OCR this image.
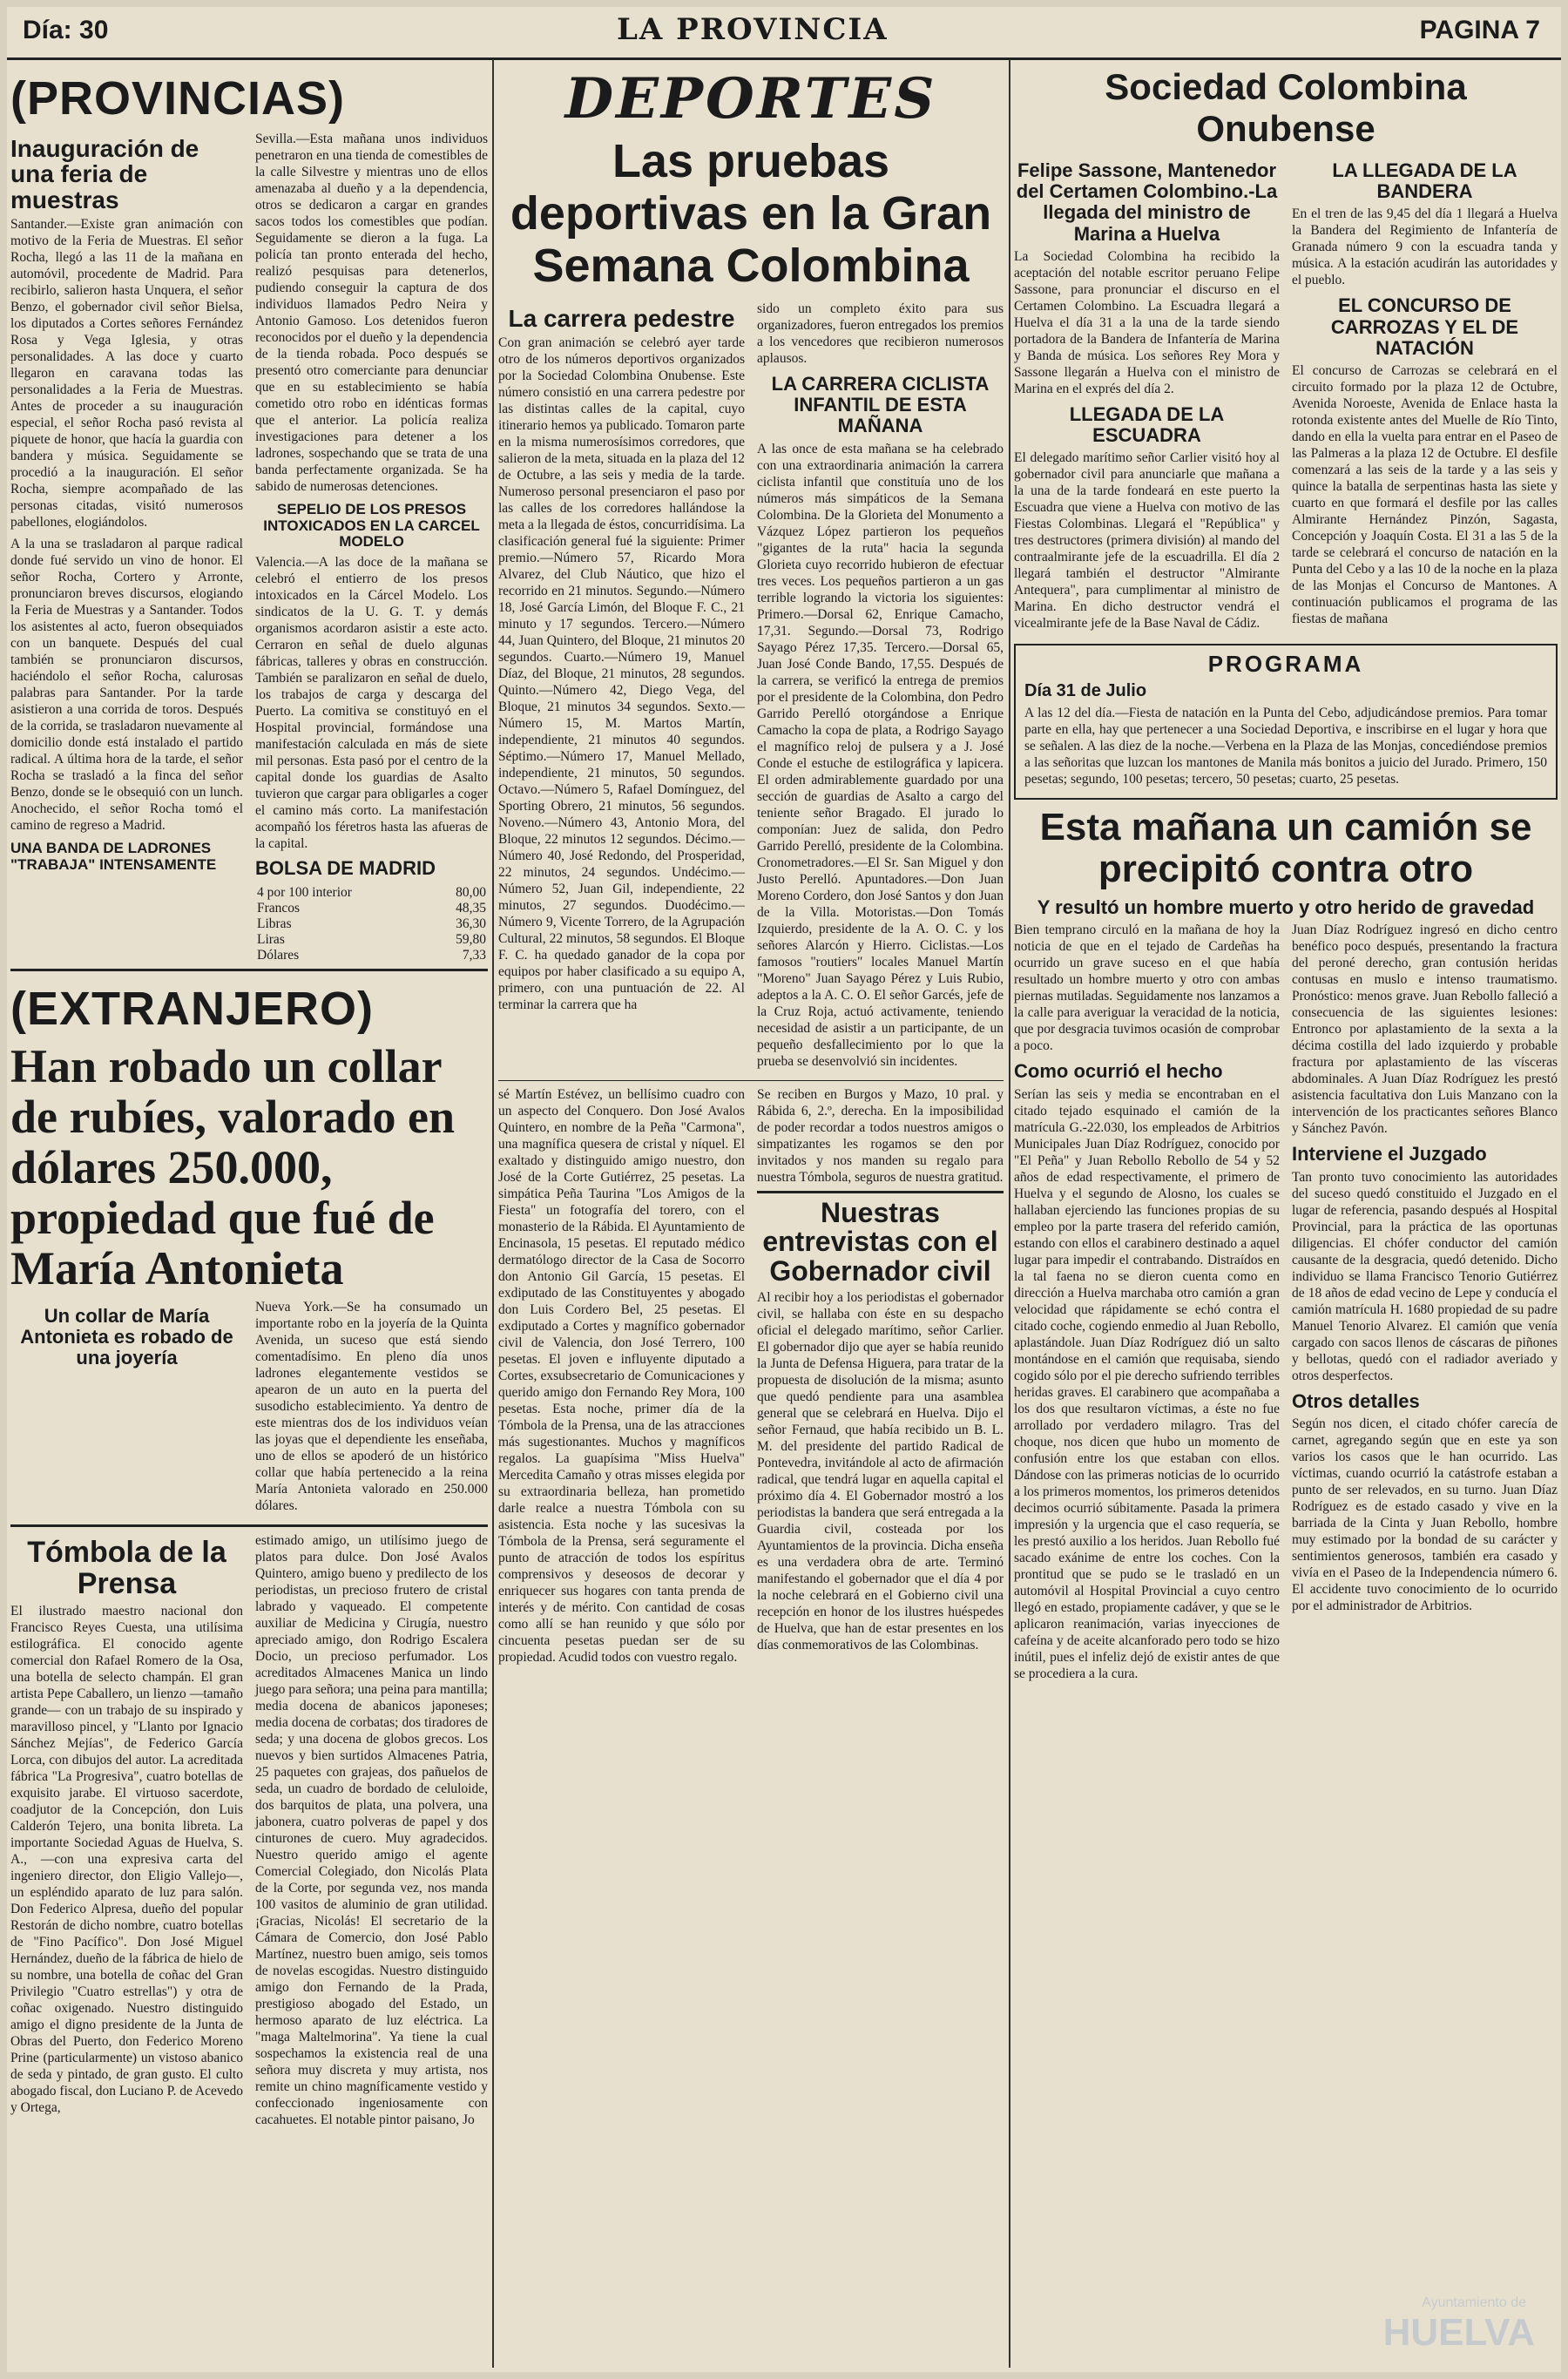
Día: 30	LA PROVINCIA	PAGINA 7
(PROVINCIAS)
Inauguración de una feria de muestras

Santander.—Existe gran animación con motivo de la Feria de Muestras. El señor Rocha, llegó a las 11 de la mañana en automóvil, procedente de Madrid. Para recibirlo, salieron hasta Unquera, el señor Benzo, el gobernador civil señor Bielsa, los diputados a Cortes señores Fernández Rosa y Vega Iglesia, y otras personalidades. A las doce y cuarto llegaron en caravana todas las personalidades a la Feria de Muestras. Antes de proceder a su inauguración especial, el señor Rocha pasó revista al piquete de honor, que hacía la guardia con bandera y música. Seguidamente se procedió a la inauguración. El señor Rocha, siempre acompañado de las personas citadas, visitó numerosos pabellones, elogiándolos.

A la una se trasladaron al parque radical donde fué servido un vino de honor. El señor Rocha, Cortero y Arronte, pronunciaron breves discursos, elogiando la Feria de Muestras y a Santander. Todos los asistentes al acto, fueron obsequiados con un banquete. Después del cual también se pronunciaron discursos, haciéndolo el señor Rocha, calurosas palabras para Santander. Por la tarde asistieron a una corrida de toros. Después de la corrida, se trasladaron nuevamente al domicilio donde está instalado el partido radical. A última hora de la tarde, el señor Rocha se trasladó a la finca del señor Benzo, donde se le obsequió con un lunch. Anochecido, el señor Rocha tomó el camino de regreso a Madrid.

UNA BANDA DE LADRONES "TRABAJA" INTENSAMENTE

Sevilla.—Esta mañana unos individuos penetraron en una tienda de comestibles de la calle Silvestre y mientras uno de ellos amenazaba al dueño y a la dependencia, otros se dedicaron a cargar en grandes sacos todos los comestibles que podían. Seguidamente se dieron a la fuga. La policía tan pronto enterada del hecho, realizó pesquisas para detenerlos, pudiendo conseguir la captura de dos individuos llamados Pedro Neira y Antonio Gamoso. Los detenidos fueron reconocidos por el dueño y la dependencia de la tienda robada. Poco después se presentó otro comerciante para denunciar que en su establecimiento se había cometido otro robo en idénticas formas que el anterior. La policía realiza investigaciones para detener a los ladrones, sospechando que se trata de una banda perfectamente organizada. Se ha sabido de numerosas detenciones.

SEPELIO DE LOS PRESOS INTOXICADOS EN LA CARCEL MODELO

Valencia.—A las doce de la mañana se celebró el entierro de los presos intoxicados en la Cárcel Modelo. Los sindicatos de la U. G. T. y demás organismos acordaron asistir a este acto. Cerraron en señal de duelo algunas fábricas, talleres y obras en construcción. También se paralizaron en señal de duelo, los trabajos de carga y descarga del Puerto. La comitiva se constituyó en el Hospital provincial, formándose una manifestación calculada en más de siete mil personas. Esta pasó por el centro de la capital donde los guardias de Asalto tuvieron que cargar para obligarles a coger el camino más corto. La manifestación acompañó los féretros hasta las afueras de la capital.

BOLSA DE MADRID
4 por 100 interior	80,00
Francos	48,35
Libras	36,30
Liras	59,80
Dólares	7,33
(EXTRANJERO)
Han robado un collar de rubíes, valorado en dólares 250.000, propiedad que fué de María Antonieta
Un collar de María Antonieta es robado de una joyería

Nueva York.—Se ha consumado un importante robo en la joyería de la Quinta Avenida, un suceso que está siendo comentadísimo. En pleno día unos ladrones elegantemente vestidos se apearon de un auto en la puerta del susodicho establecimiento. Ya dentro de este mientras dos de los individuos veían las joyas que el dependiente les enseñaba, uno de ellos se apoderó de un histórico collar que había pertenecido a la reina María Antonieta valorado en 250.000 dólares.

Tómbola de la Prensa

El ilustrado maestro nacional don Francisco Reyes Cuesta, una utilísima estilográfica. El conocido agente comercial don Rafael Romero de la Osa, una botella de selecto champán. El gran artista Pepe Caballero, un lienzo —tamaño grande— con un trabajo de su inspirado y maravilloso pincel, y "Llanto por Ignacio Sánchez Mejías", de Federico García Lorca, con dibujos del autor. La acreditada fábrica "La Progresiva", cuatro botellas de exquisito jarabe. El virtuoso sacerdote, coadjutor de la Concepción, don Luis Calderón Tejero, una bonita libreta. La importante Sociedad Aguas de Huelva, S. A., —con una expresiva carta del ingeniero director, don Eligio Vallejo—, un espléndido aparato de luz para salón. Don Federico Alpresa, dueño del popular Restorán de dicho nombre, cuatro botellas de "Fino Pacífico". Don José Miguel Hernández, dueño de la fábrica de hielo de su nombre, una botella de coñac del Gran Privilegio "Cuatro estrellas") y otra de coñac oxigenado. Nuestro distinguido amigo el digno presidente de la Junta de Obras del Puerto, don Federico Moreno Prine (particularmente) un vistoso abanico de seda y pintado, de gran gusto. El culto abogado fiscal, don Luciano P. de Acevedo y Ortega,

estimado amigo, un utilísimo juego de platos para dulce. Don José Avalos Quintero, amigo bueno y predilecto de los periodistas, un precioso frutero de cristal labrado y vaqueado. El competente auxiliar de Medicina y Cirugía, nuestro apreciado amigo, don Rodrigo Escalera Docio, un precioso perfumador. Los acreditados Almacenes Manica un lindo juego para señora; una peina para mantilla; media docena de abanicos japoneses; media docena de corbatas; dos tiradores de seda; y una docena de globos grecos. Los nuevos y bien surtidos Almacenes Patria, 25 paquetes con grajeas, dos pañuelos de seda, un cuadro de bordado de celuloide, dos barquitos de plata, una polvera, una jabonera, cuatro polveras de papel y dos cinturones de cuero. Muy agradecidos. Nuestro querido amigo el agente Comercial Colegiado, don Nicolás Plata de la Corte, por segunda vez, nos manda 100 vasitos de aluminio de gran utilidad. ¡Gracias, Nicolás! El secretario de la Cámara de Comercio, don José Pablo Martínez, nuestro buen amigo, seis tomos de novelas escogidas. Nuestro distinguido amigo don Fernando de la Prada, prestigioso abogado del Estado, un hermoso aparato de luz eléctrica. La "maga Maltelmorina". Ya tiene la cual sospechamos la existencia real de una señora muy discreta y muy artista, nos remite un chino magníficamente vestido y confeccionado ingeniosamente con cacahuetes. El notable pintor paisano, Jo

DEPORTES
Las pruebas deportivas en la Gran Semana Colombina
La carrera pedestre

Con gran animación se celebró ayer tarde otro de los números deportivos organizados por la Sociedad Colombina Onubense. Este número consistió en una carrera pedestre por las distintas calles de la capital, cuyo itinerario hemos ya publicado. Tomaron parte en la misma numerosísimos corredores, que salieron de la meta, situada en la plaza del 12 de Octubre, a las seis y media de la tarde. Numeroso personal presenciaron el paso por las calles de los corredores hallándose la meta a la llegada de éstos, concurridísima. La clasificación general fué la siguiente: Primer premio.—Número 57, Ricardo Mora Alvarez, del Club Náutico, que hizo el recorrido en 21 minutos. Segundo.—Número 18, José García Limón, del Bloque F. C., 21 minuto y 17 segundos. Tercero.—Número 44, Juan Quintero, del Bloque, 21 minutos 20 segundos. Cuarto.—Número 19, Manuel Díaz, del Bloque, 21 minutos, 28 segundos. Quinto.—Número 42, Diego Vega, del Bloque, 21 minutos 34 segundos. Sexto.—Número 15, M. Martos Martín, independiente, 21 minutos 40 segundos. Séptimo.—Número 17, Manuel Mellado, independiente, 21 minutos, 50 segundos. Octavo.—Número 5, Rafael Domínguez, del Sporting Obrero, 21 minutos, 56 segundos. Noveno.—Número 43, Antonio Mora, del Bloque, 22 minutos 12 segundos. Décimo.—Número 40, José Redondo, del Prosperidad, 22 minutos, 24 segundos. Undécimo.—Número 52, Juan Gil, independiente, 22 minutos, 27 segundos. Duodécimo.—Número 9, Vicente Torrero, de la Agrupación Cultural, 22 minutos, 58 segundos. El Bloque F. C. ha quedado ganador de la copa por equipos por haber clasificado a su equipo A, primero, con una puntuación de 22. Al terminar la carrera que ha

sido un completo éxito para sus organizadores, fueron entregados los premios a los vencedores que recibieron numerosos aplausos.

LA CARRERA CICLISTA INFANTIL DE ESTA MAÑANA

A las once de esta mañana se ha celebrado con una extraordinaria animación la carrera ciclista infantil que constituía uno de los números más simpáticos de la Semana Colombina. De la Glorieta del Monumento a Vázquez López partieron los pequeños "gigantes de la ruta" hacia la segunda Glorieta cuyo recorrido hubieron de efectuar tres veces. Los pequeños partieron a un gas terrible logrando la victoria los siguientes: Primero.—Dorsal 62, Enrique Camacho, 17,31. Segundo.—Dorsal 73, Rodrigo Sayago Pérez 17,35. Tercero.—Dorsal 65, Juan José Conde Bando, 17,55. Después de la carrera, se verificó la entrega de premios por el presidente de la Colombina, don Pedro Garrido Perelló otorgándose a Enrique Camacho la copa de plata, a Rodrigo Sayago el magnífico reloj de pulsera y a J. José Conde el estuche de estilográfica y lapicera. El orden admirablemente guardado por una sección de guardias de Asalto a cargo del teniente señor Bragado. El jurado lo componían: Juez de salida, don Pedro Garrido Perelló, presidente de la Colombina. Cronometradores.—El Sr. San Miguel y don Justo Perelló. Apuntadores.—Don Juan Moreno Cordero, don José Santos y don Juan de la Villa. Motoristas.—Don Tomás Izquierdo, presidente de la A. O. C. y los señores Alarcón y Hierro. Ciclistas.—Los famosos "routiers" locales Manuel Martín "Moreno" Juan Sayago Pérez y Luis Rubio, adeptos a la A. C. O. El señor Garcés, jefe de la Cruz Roja, actuó activamente, teniendo necesidad de asistir a un participante, de un pequeño desfallecimiento por lo que la prueba se desenvolvió sin incidentes.

sé Martín Estévez, un bellísimo cuadro con un aspecto del Conquero. Don José Avalos Quintero, en nombre de la Peña "Carmona", una magnífica quesera de cristal y níquel. El exaltado y distinguido amigo nuestro, don José de la Corte Gutiérrez, 25 pesetas. La simpática Peña Taurina "Los Amigos de la Fiesta" un fotografía del torero, con el monasterio de la Rábida. El Ayuntamiento de Encinasola, 15 pesetas. El reputado médico dermatólogo director de la Casa de Socorro don Antonio Gil García, 15 pesetas. El exdiputado de las Constituyentes y abogado don Luis Cordero Bel, 25 pesetas. El exdiputado a Cortes y magnífico gobernador civil de Valencia, don José Terrero, 100 pesetas. El joven e influyente diputado a Cortes, exsubsecretario de Comunicaciones y querido amigo don Fernando Rey Mora, 100 pesetas. Esta noche, primer día de la Tómbola de la Prensa, una de las atracciones más sugestionantes. Muchos y magníficos regalos. La guapísima "Miss Huelva" Mercedita Camaño y otras misses elegida por su extraordinaria belleza, han prometido darle realce a nuestra Tómbola con su asistencia. Esta noche y las sucesivas la Tómbola de la Prensa, será seguramente el punto de atracción de todos los espíritus comprensivos y deseosos de decorar y enriquecer sus hogares con tanta prenda de interés y de mérito. Con cantidad de cosas como allí se han reunido y que sólo por cincuenta pesetas puedan ser de su propiedad. Acudid todos con vuestro regalo.

Se reciben en Burgos y Mazo, 10 pral. y Rábida 6, 2.º, derecha. En la imposibilidad de poder recordar a todos nuestros amigos o simpatizantes les rogamos se den por invitados y nos manden su regalo para nuestra Tómbola, seguros de nuestra gratitud.

Nuestras entrevistas con el Gobernador civil

Al recibir hoy a los periodistas el gobernador civil, se hallaba con éste en su despacho oficial el delegado marítimo, señor Carlier. El gobernador dijo que ayer se había reunido la Junta de Defensa Higuera, para tratar de la propuesta de disolución de la misma; asunto que quedó pendiente para una asamblea general que se celebrará en Huelva. Dijo el señor Fernaud, que había recibido un B. L. M. del presidente del partido Radical de Pontevedra, invitándole al acto de afirmación radical, que tendrá lugar en aquella capital el próximo día 4. El Gobernador mostró a los periodistas la bandera que será entregada a la Guardia civil, costeada por los Ayuntamientos de la provincia. Dicha enseña es una verdadera obra de arte. Terminó manifestando el gobernador que el día 4 por la noche celebrará en el Gobierno civil una recepción en honor de los ilustres huéspedes de Huelva, que han de estar presentes en los días conmemorativos de las Colombinas.

Sociedad Colombina Onubense
Felipe Sassone, Mantenedor del Certamen Colombino.-La llegada del ministro de Marina a Huelva

La Sociedad Colombina ha recibido la aceptación del notable escritor peruano Felipe Sassone, para pronunciar el discurso en el Certamen Colombino. La Escuadra llegará a Huelva el día 31 a la una de la tarde siendo portadora de la Bandera de Infantería de Marina y Banda de música. Los señores Rey Mora y Sassone llegarán a Huelva con el ministro de Marina en el exprés del día 2.

LLEGADA DE LA ESCUADRA

El delegado marítimo señor Carlier visitó hoy al gobernador civil para anunciarle que mañana a la una de la tarde fondeará en este puerto la Escuadra que viene a Huelva con motivo de las Fiestas Colombinas. Llegará el "República" y tres destructores (primera división) al mando del contraalmirante jefe de la escuadrilla. El día 2 llegará también el destructor "Almirante Antequera", para cumplimentar al ministro de Marina. En dicho destructor vendrá el vicealmirante jefe de la Base Naval de Cádiz.

LA LLEGADA DE LA BANDERA

En el tren de las 9,45 del día 1 llegará a Huelva la Bandera del Regimiento de Infantería de Granada número 9 con la escuadra tanda y música. A la estación acudirán las autoridades y el pueblo.

EL CONCURSO DE CARROZAS Y EL DE NATACIÓN

El concurso de Carrozas se celebrará en el circuito formado por la plaza 12 de Octubre, Avenida Noroeste, Avenida de Enlace hasta la rotonda existente antes del Muelle de Río Tinto, dando en ella la vuelta para entrar en el Paseo de las Palmeras a la plaza 12 de Octubre. El desfile comenzará a las seis de la tarde y a las seis y quince la batalla de serpentinas hasta las siete y cuarto en que formará el desfile por las calles Almirante Hernández Pinzón, Sagasta, Concepción y Joaquín Costa. El 31 a las 5 de la tarde se celebrará el concurso de natación en la Punta del Cebo y a las 10 de la noche en la plaza de las Monjas el Concurso de Mantones. A continuación publicamos el programa de las fiestas de mañana

PROGRAMA
Día 31 de Julio

A las 12 del día.—Fiesta de natación en la Punta del Cebo, adjudicándose premios. Para tomar parte en ella, hay que pertenecer a una Sociedad Deportiva, e inscribirse en el lugar y hora que se señalen. A las diez de la noche.—Verbena en la Plaza de las Monjas, concediéndose premios a las señoritas que luzcan los mantones de Manila más bonitos a juicio del Jurado. Primero, 150 pesetas; segundo, 100 pesetas; tercero, 50 pesetas; cuarto, 25 pesetas.

Esta mañana un camión se precipitó contra otro
Y resultó un hombre muerto y otro herido de gravedad

Bien temprano circuló en la mañana de hoy la noticia de que en el tejado de Cardeñas ha ocurrido un grave suceso en el que había resultado un hombre muerto y otro con ambas piernas mutiladas. Seguidamente nos lanzamos a la calle para averiguar la veracidad de la noticia, que por desgracia tuvimos ocasión de comprobar a poco.

Como ocurrió el hecho

Serían las seis y media se encontraban en el citado tejado esquinado el camión de la matrícula G.-22.030, los empleados de Arbitrios Municipales Juan Díaz Rodríguez, conocido por "El Peña" y Juan Rebollo Rebollo de 54 y 52 años de edad respectivamente, el primero de Huelva y el segundo de Alosno, los cuales se hallaban ejerciendo las funciones propias de su empleo por la parte trasera del referido camión, estando con ellos el carabinero destinado a aquel lugar para impedir el contrabando. Distraídos en la tal faena no se dieron cuenta como en dirección a Huelva marchaba otro camión a gran velocidad que rápidamente se echó contra el citado coche, cogiendo enmedio al Juan Rebollo, aplastándole. Juan Díaz Rodríguez dió un salto montándose en el camión que requisaba, siendo cogido sólo por el pie derecho sufriendo terribles heridas graves. El carabinero que acompañaba a los dos que resultaron víctimas, a éste no fue arrollado por verdadero milagro. Tras del choque, nos dicen que hubo un momento de confusión entre los que estaban con ellos. Dándose con las primeras noticias de lo ocurrido a los primeros momentos, los primeros detenidos decimos ocurrió súbitamente. Pasada la primera impresión y la urgencia que el caso requería, se les prestó auxilio a los heridos. Juan Rebollo fué sacado exánime de entre los coches. Con la prontitud que se pudo se le trasladó en un automóvil al Hospital Provincial a cuyo centro llegó en estado, propiamente cadáver, y que se le aplicaron reanimación, varias inyecciones de cafeína y de aceite alcanforado pero todo se hizo inútil, pues el infeliz dejó de existir antes de que se procediera a la cura.

Juan Díaz Rodríguez ingresó en dicho centro benéfico poco después, presentando la fractura del peroné derecho, gran contusión heridas contusas en muslo e intenso traumatismo. Pronóstico: menos grave. Juan Rebollo falleció a consecuencia de las siguientes lesiones: Entronco por aplastamiento de la sexta a la décima costilla del lado izquierdo y probable fractura por aplastamiento de las vísceras abdominales. A Juan Díaz Rodríguez les prestó asistencia facultativa don Luis Manzano con la intervención de los practicantes señores Blanco y Sánchez Pavón.

Interviene el Juzgado

Tan pronto tuvo conocimiento las autoridades del suceso quedó constituido el Juzgado en el lugar de referencia, pasando después al Hospital Provincial, para la práctica de las oportunas diligencias. El chófer conductor del camión causante de la desgracia, quedó detenido. Dicho individuo se llama Francisco Tenorio Gutiérrez de 18 años de edad vecino de Lepe y conducía el camión matrícula H. 1680 propiedad de su padre Manuel Tenorio Alvarez. El camión que venía cargado con sacos llenos de cáscaras de piñones y bellotas, quedó con el radiador averiado y otros desperfectos.

Otros detalles

Según nos dicen, el citado chófer carecía de carnet, agregando según que en este ya son varios los casos que le han ocurrido. Las víctimas, cuando ocurrió la catástrofe estaban a punto de ser relevados, en su turno. Juan Díaz Rodríguez es de estado casado y vive en la barriada de la Cinta y Juan Rebollo, hombre muy estimado por la bondad de su carácter y sentimientos generosos, también era casado y vivía en el Paseo de la Independencia número 6. El accidente tuvo conocimiento de lo ocurrido por el administrador de Arbitrios.

Ayuntamiento de
HUELVA
